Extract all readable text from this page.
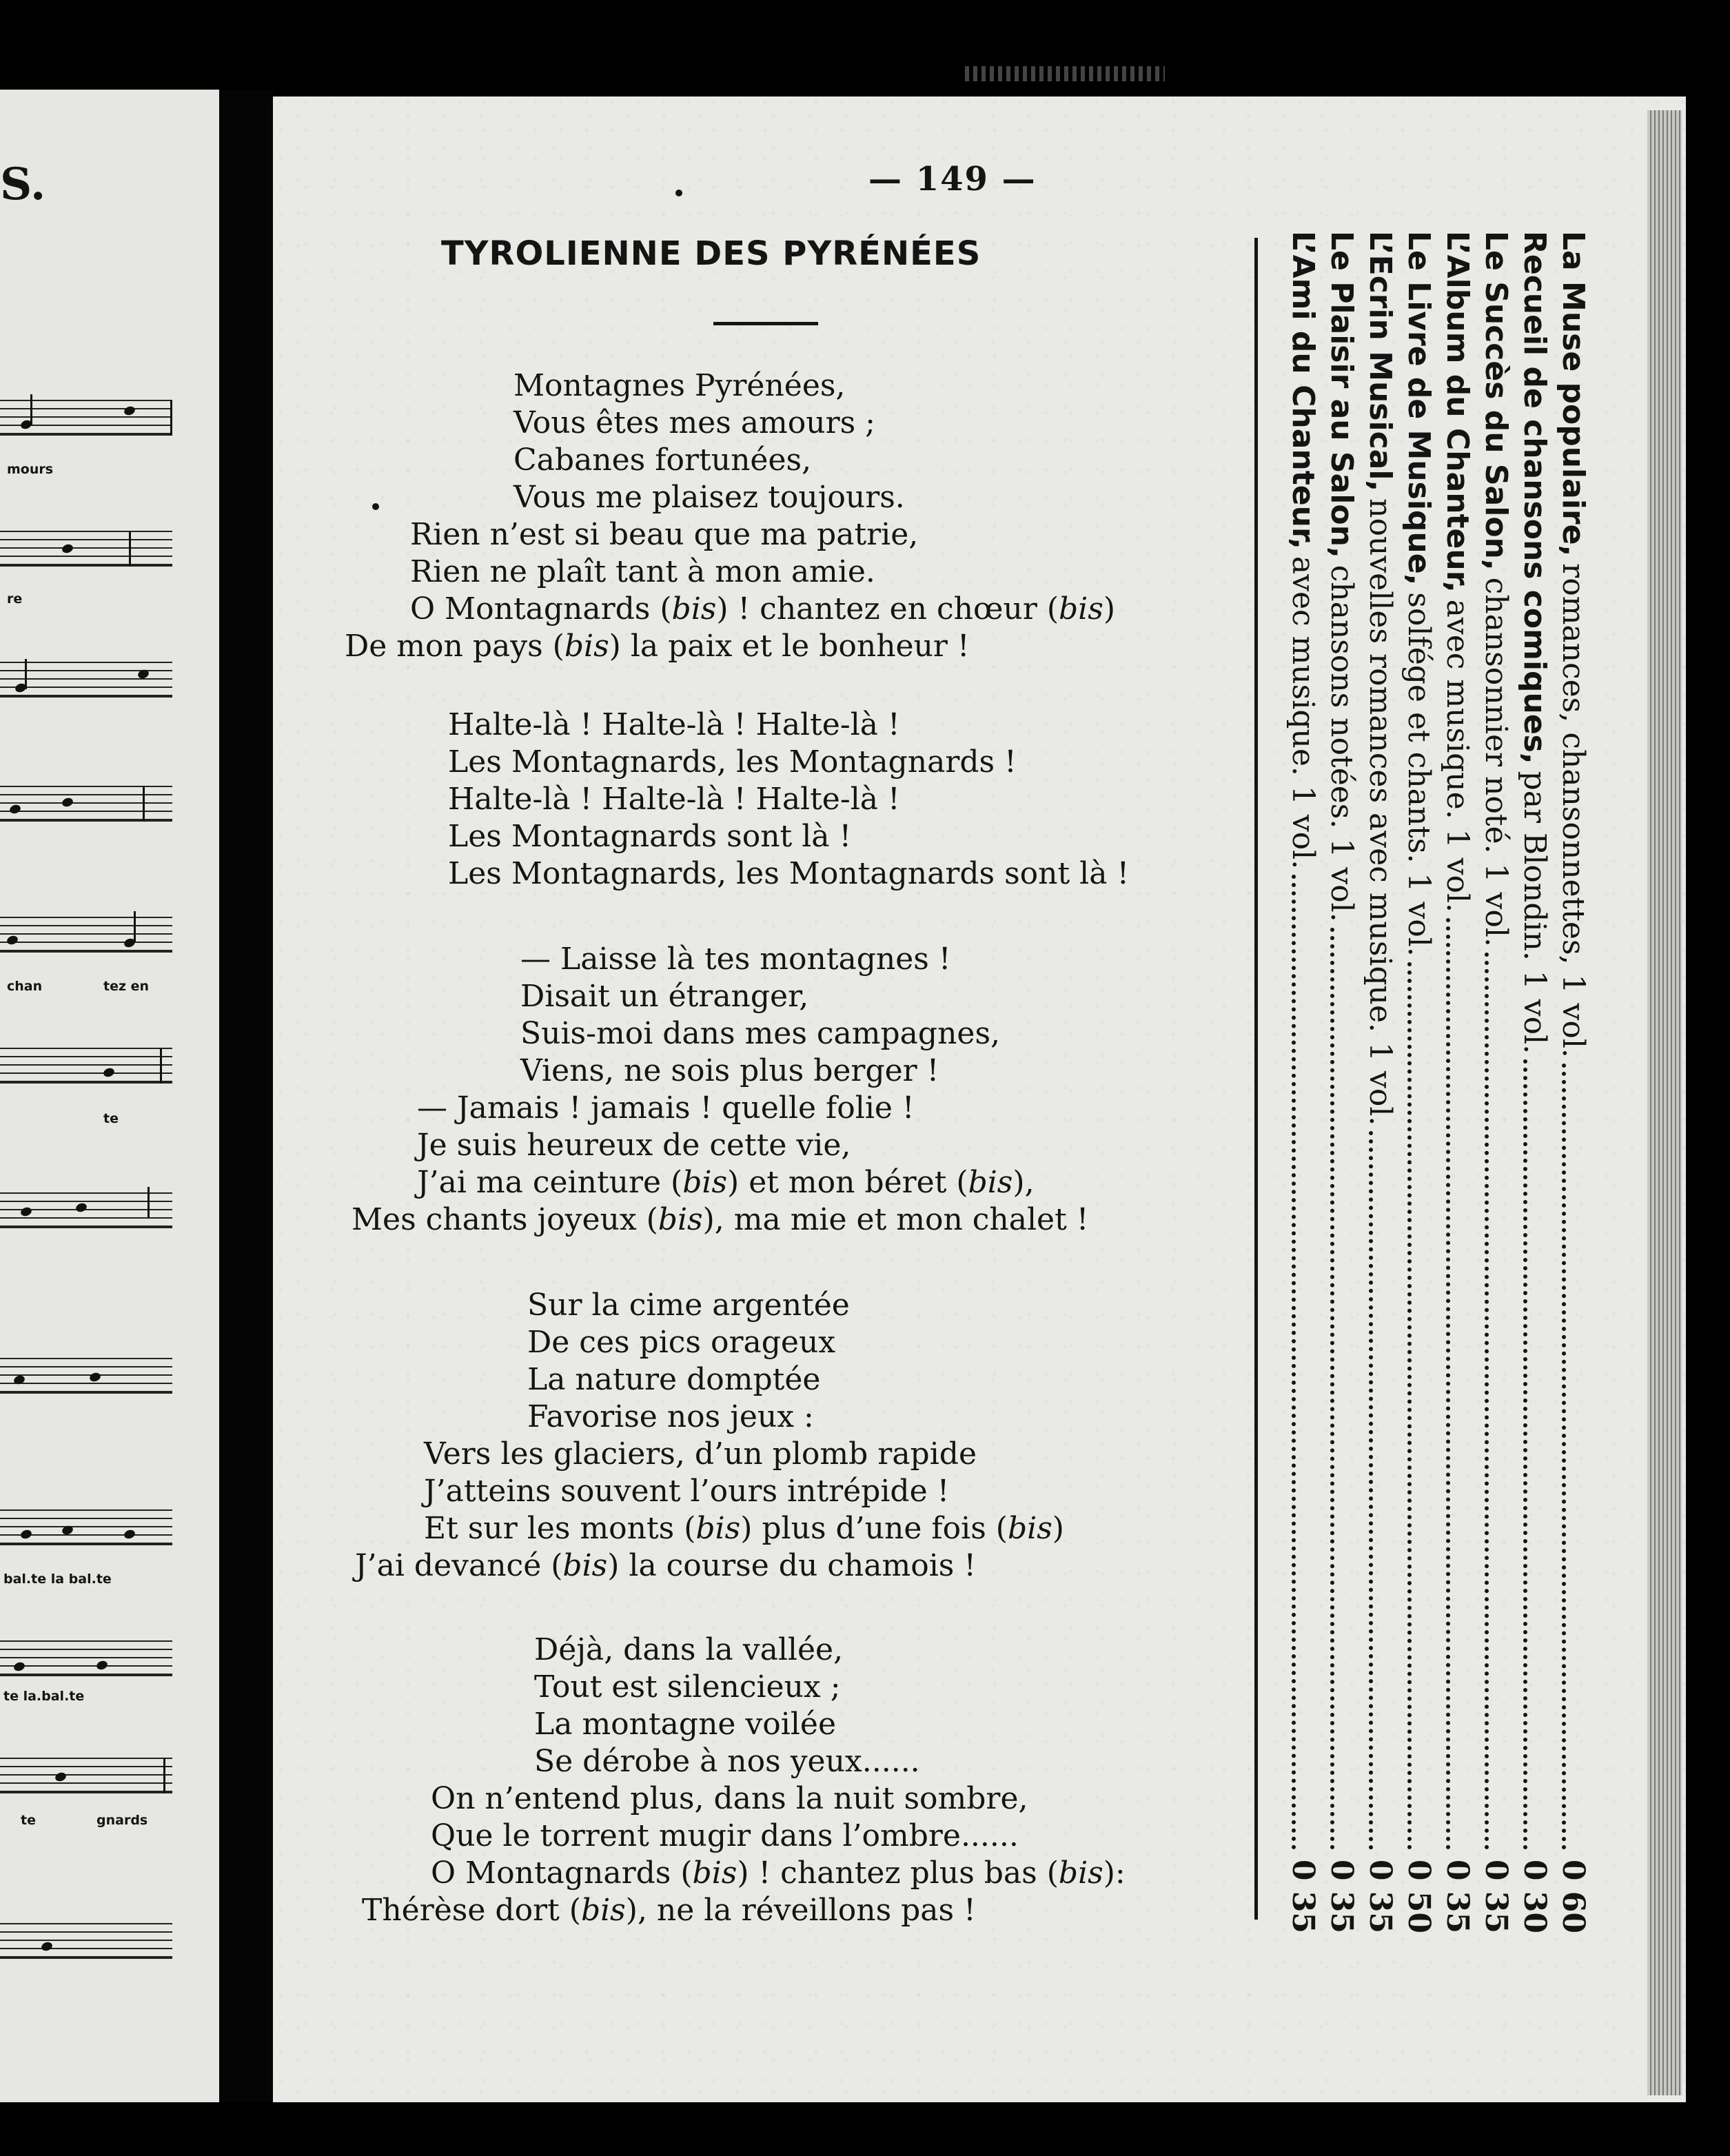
S.
mours
re
chan	tez en
te
bal.te la bal.te
te la.bal.te
te	gnards
— 149 —
TYROLIENNE DES PYRÉNÉES
Montagnes Pyrénées,
Vous êtes mes amours ;
Cabanes fortunées,
Vous me plaisez toujours.
Rien n’est si beau que ma patrie,
Rien ne plaît tant à mon amie.
O Montagnards (bis) ! chantez en chœur (bis)
De mon pays (bis) la paix et le bonheur !
Halte-là ! Halte-là ! Halte-là !
Les Montagnards, les Montagnards !
Halte-là ! Halte-là ! Halte-là !
Les Montagnards sont là !
Les Montagnards, les Montagnards sont là !
— Laisse là tes montagnes !
Disait un étranger,
Suis-moi dans mes campagnes,
Viens, ne sois plus berger !
— Jamais ! jamais ! quelle folie !
Je suis heureux de cette vie,
J’ai ma ceinture (bis) et mon béret (bis),
Mes chants joyeux (bis), ma mie et mon chalet !
Sur la cime argentée
De ces pics orageux
La nature domptée
Favorise nos jeux :
Vers les glaciers, d’un plomb rapide
J’atteins souvent l’ours intrépide !
Et sur les monts (bis) plus d’une fois (bis)
J’ai devancé (bis) la course du chamois !
Déjà, dans la vallée,
Tout est silencieux ;
La montagne voilée
Se dérobe à nos yeux......
On n’entend plus, dans la nuit sombre,
Que le torrent mugir dans l’ombre......
O Montagnards (bis) ! chantez plus bas (bis):
Thérèse dort (bis), ne la réveillons pas !
La Muse populaire,
romances, chansonnettes, 1 vol.
0 60
Recueil de chansons comiques,
par Blondin. 1 vol.
0 30
Le Succès du Salon,
chansonnier noté. 1 vol.
0 35
L’Album du Chanteur,
avec musique. 1 vol.
0 35
Le Livre de Musique,
solfége et chants. 1 vol.
0 50
L’Ecrin Musical,
nouvelles romances avec musique. 1 vol.
0 35
Le Plaisir au Salon,
chansons notées. 1 vol.
0 35
L’Ami du Chanteur,
avec musique. 1 vol.
0 35
